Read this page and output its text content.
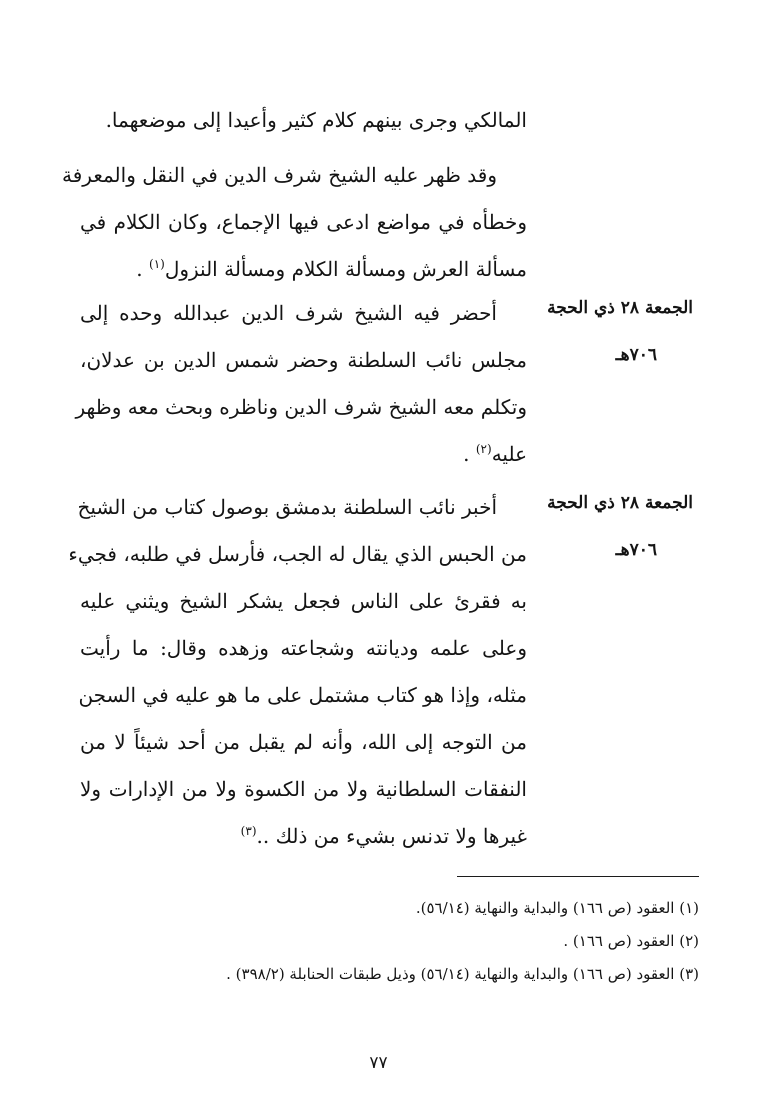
المالكي وجرى بينهم كلام كثير وأعيدا إلى موضعهما.

وقد ظهر عليه الشيخ شرف الدين في النقل والمعرفة
وخطأه في مواضع ادعى فيها الإجماع، وكان الكلام في
مسألة العرش ومسألة الكلام ومسألة النزول$^{(١)}$ .

الجمعة ٢٨ ذي الحجة
٧٠٦هـ

أحضر فيه الشيخ شرف الدين عبدالله وحده إلى
مجلس نائب السلطنة وحضر شمس الدين بن عدلان،
وتكلم معه الشيخ شرف الدين وناظره وبحث معه وظهر
عليه$^{(٢)}$ .

الجمعة ٢٨ ذي الحجة
٧٠٦هـ

أخبر نائب السلطنة بدمشق بوصول كتاب من الشيخ
من الحبس الذي يقال له الجب، فأرسل في طلبه، فجيء
به فقرئ على الناس فجعل يشكر الشيخ ويثني عليه
وعلى علمه وديانته وشجاعته وزهده وقال: ما رأيت
مثله، وإذا هو كتاب مشتمل على ما هو عليه في السجن
من التوجه إلى الله، وأنه لم يقبل من أحد شيئاً لا من
النفقات السلطانية ولا من الكسوة ولا من الإدارات ولا
غيرها ولا تدنس بشيء من ذلك ..$^{(٣)}$

(١) العقود (ص ١٦٦) والبداية والنهاية (٥٦/١٤).
(٢) العقود (ص ١٦٦) .
(٣) العقود (ص ١٦٦) والبداية والنهاية (٥٦/١٤) وذيل طبقات الحنابلة (٣٩٨/٢) .
٧٧
